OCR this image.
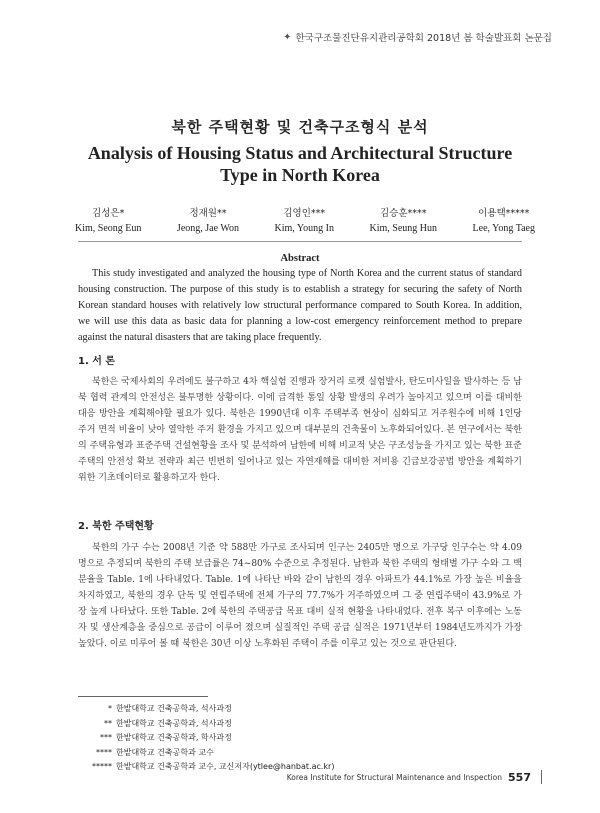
✦ 한국구조물진단유지관리공학회 2018년 봄 학술발표회 논문집
북한 주택현황 및 건축구조형식 분석
Analysis of Housing Status and Architectural Structure
Type in North Korea
김성은*
Kim, Seong Eun
정재원**
Jeong, Jae Won
김영인***
Kim, Young In
김승훈****
Kim, Seung Hun
이용택*****
Lee, Yong Taeg
Abstract
This study investigated and analyzed the housing type of North Korea and the current status of standard housing construction. The purpose of this study is to establish a strategy for securing the safety of North Korean standard houses with relatively low structural performance compared to South Korea. In addition, we will use this data as basic data for planning a low-cost emergency reinforcement method to prepare against the natural disasters that are taking place frequently.
1. 서 론
북한은 국제사회의 우려에도 불구하고 4차 핵실험 진행과 장거리 로켓 실험발사, 탄도미사일을 발사하는 등 남북 협력 관계의 안전성은 불투명한 상황이다. 이에 급격한 통일 상황 발생의 우려가 높아지고 있으며 이를 대비한 대응 방안을 계획해야할 필요가 있다. 북한은 1990년대 이후 주택부족 현상이 심화되고 거주원수에 비해 1인당 주거 면적 비율이 낮아 열악한 주거 환경을 가지고 있으며 대부분의 건축물이 노후화되어있다. 본 연구에서는 북한의 주택유형과 표준주택 건설현황을 조사 및 분석하여 남한에 비해 비교적 낮은 구조성능을 가지고 있는 북한 표준주택의 안전성 확보 전략과 최근 빈번히 일어나고 있는 자연재해를 대비한 저비용 긴급보강공법 방안을 계획하기 위한 기초데이터로 활용하고자 한다.
2. 북한 주택현황
북한의 가구 수는 2008년 기준 약 588만 가구로 조사되며 인구는 2405만 명으로 가구당 인구수는 약 4.09명으로 추정되며 북한의 주택 보급률은 74~80% 수준으로 추정된다. 남한과 북한 주택의 형태별 가구 수와 그 백분율을 Table. 1에 나타내었다. Table. 1에 나타난 바와 같이 남한의 경우 아파트가 44.1%로 가장 높은 비율을 차지하였고, 북한의 경우 단독 및 연립주택에 전체 가구의 77.7%가 거주하였으며 그 중 연립주택이 43.9%로 가장 높게 나타났다. 또한 Table. 2에 북한의 주택공급 목표 대비 실적 현황을 나타내었다. 전후 복구 이후에는 노동자 및 생산계층을 중심으로 공급이 이루어 졌으며 실질적인 주택 공급 실적은 1971년부터 1984년도까지가 가장 높았다. 이로 미루어 볼 때 북한은 30년 이상 노후화된 주택이 주를 이루고 있는 것으로 판단된다.
* 한밭대학교 건축공학과, 석사과정
** 한밭대학교 건축공학과, 석사과정
*** 한밭대학교 건축공학과, 학사과정
**** 한밭대학교 건축공학과 교수
***** 한밭대학교 건축공학과 교수, 교신저자(ytlee@hanbat.ac.kr)
Korea Institute for Structural Maintenance and Inspection 557
